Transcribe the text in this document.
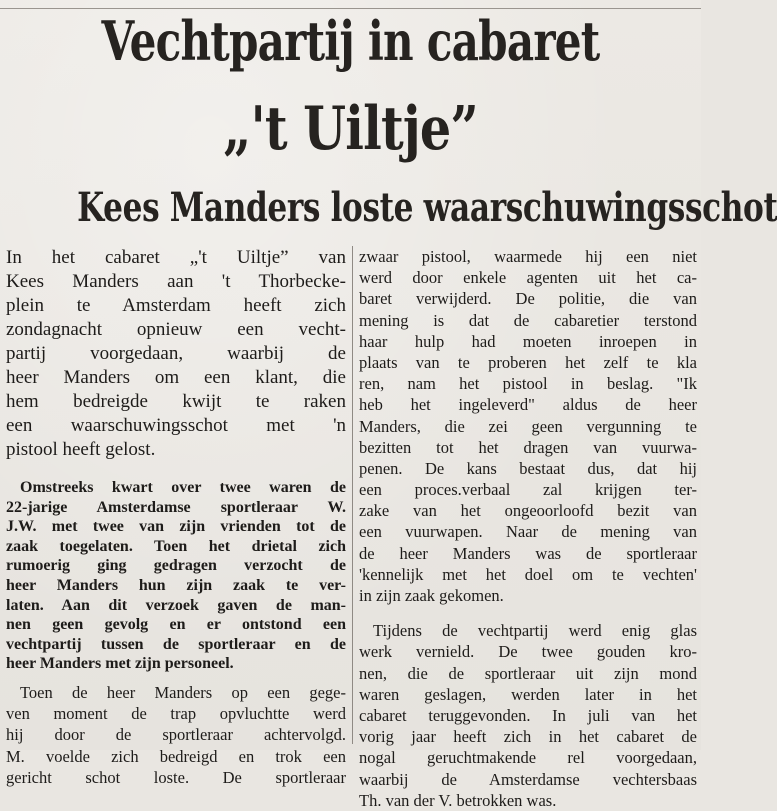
Vechtpartij in cabaret
„'t Uiltje”
Kees Manders loste waarschuwingsschot
In het cabaret „'t Uiltje” van
Kees Manders aan 't Thorbecke-
plein te Amsterdam heeft zich
zondagnacht opnieuw een vecht-
partij voorgedaan, waarbij de
heer Manders om een klant, die
hem bedreigde kwijt te raken
een waarschuwingsschot met 'n
pistool heeft gelost.
Omstreeks kwart over twee waren de
22-jarige Amsterdamse sportleraar W.
J.W. met twee van zijn vrienden tot de
zaak toegelaten. Toen het drietal zich
rumoerig ging gedragen verzocht de
heer Manders hun zijn zaak te ver-
laten. Aan dit verzoek gaven de man-
nen geen gevolg en er ontstond een
vechtpartij tussen de sportleraar en de
heer Manders met zijn personeel.
Toen de heer Manders op een gege-
ven moment de trap opvluchtte werd
hij door de sportleraar achtervolgd.
M. voelde zich bedreigd en trok een
gericht schot loste. De sportleraar
zwaar pistool, waarmede hij een niet
werd door enkele agenten uit het ca-
baret verwijderd. De politie, die van
mening is dat de cabaretier terstond
haar hulp had moeten inroepen in
plaats van te proberen het zelf te kla
ren, nam het pistool in beslag. "Ik
heb het ingeleverd" aldus de heer
Manders, die zei geen vergunning te
bezitten tot het dragen van vuurwa-
penen. De kans bestaat dus, dat hij
een proces.verbaal zal krijgen ter-
zake van het ongeoorloofd bezit van
een vuurwapen. Naar de mening van
de heer Manders was de sportleraar
'kennelijk met het doel om te vechten'
in zijn zaak gekomen.
Tijdens de vechtpartij werd enig glas
werk vernield. De twee gouden kro-
nen, die de sportleraar uit zijn mond
waren geslagen, werden later in het
cabaret teruggevonden. In juli van het
vorig jaar heeft zich in het cabaret de
nogal geruchtmakende rel voorgedaan,
waarbij de Amsterdamse vechtersbaas
Th. van der V. betrokken was.
